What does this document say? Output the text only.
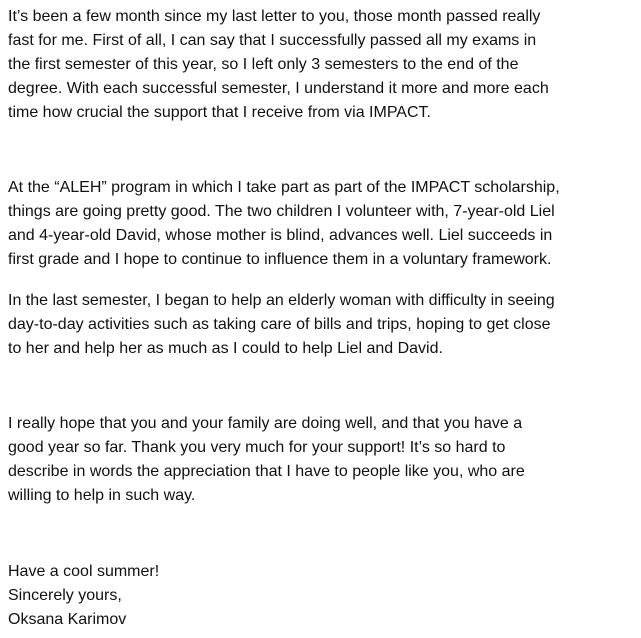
It’s been a few month since my last letter to you, those month passed really
fast for me. First of all, I can say that I successfully passed all my exams in
the first semester of this year, so I left only 3 semesters to the end of the
degree. With each successful semester, I understand it more and more each
time how crucial the support that I receive from via IMPACT.

At the “ALEH” program in which I take part as part of the IMPACT scholarship,
things are going pretty good. The two children I volunteer with, 7-year-old Liel
and 4-year-old David, whose mother is blind, advances well. Liel succeeds in
first grade and I hope to continue to influence them in a voluntary framework.

In the last semester, I began to help an elderly woman with difficulty in seeing
day-to-day activities such as taking care of bills and trips, hoping to get close
to her and help her as much as I could to help Liel and David.

I really hope that you and your family are doing well, and that you have a
good year so far. Thank you very much for your support! It’s so hard to
describe in words the appreciation that I have to people like you, who are
willing to help in such way.

Have a cool summer!
Sincerely yours,
Oksana Karimov
